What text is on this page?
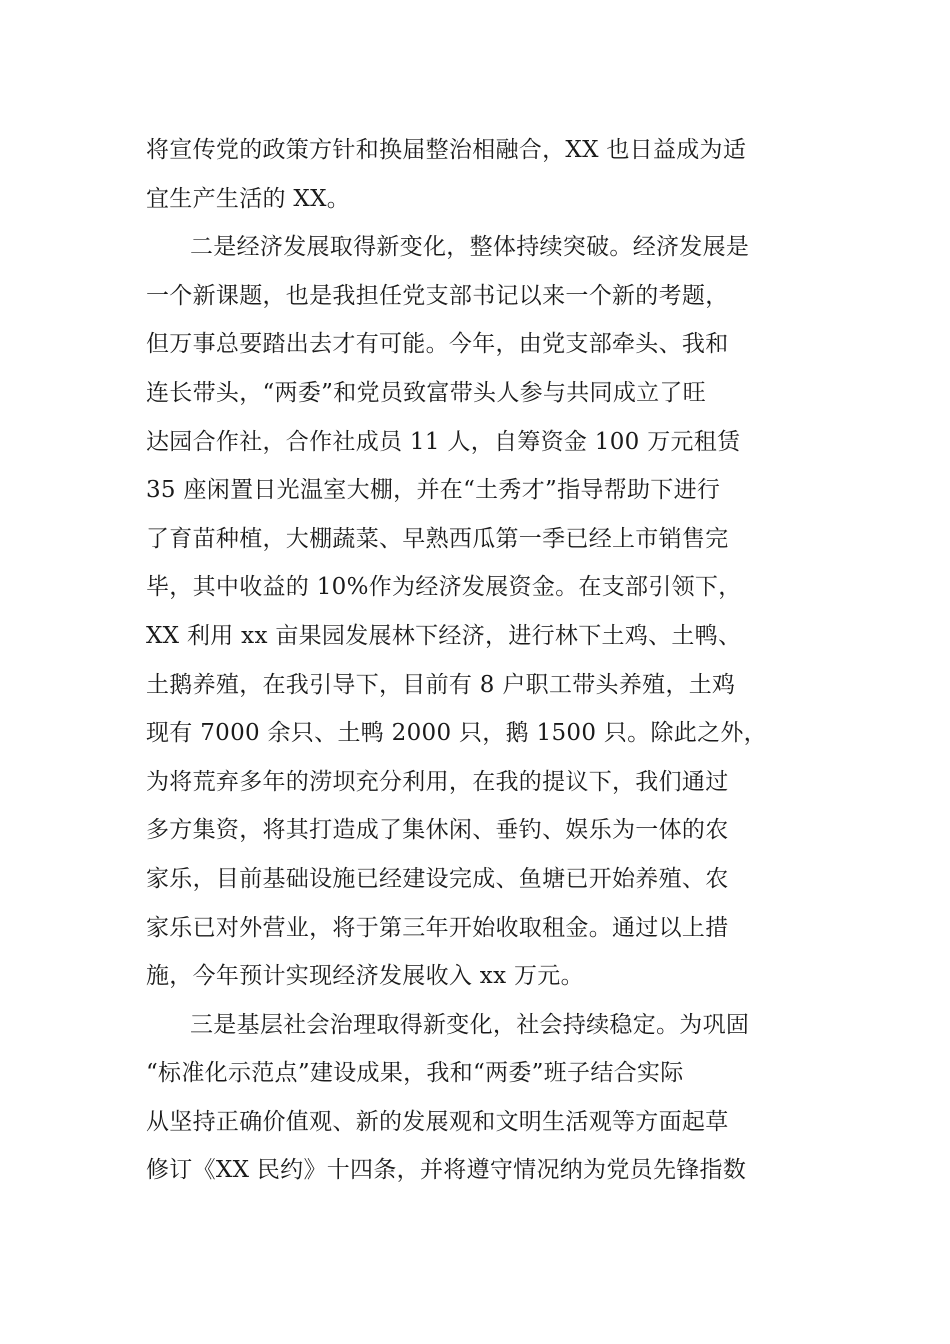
将宣传党的政策方针和换届整治相融合，XX 也日益成为适
宜生产生活的 XX。
二是经济发展取得新变化，整体持续突破。经济发展是
一个新课题，也是我担任党支部书记以来一个新的考题，
但万事总要踏出去才有可能。今年，由党支部牵头、我和
连长带头，“两委”和党员致富带头人参与共同成立了旺
达园合作社，合作社成员 11 人，自筹资金 100 万元租赁
35 座闲置日光温室大棚，并在“土秀才”指导帮助下进行
了育苗种植，大棚蔬菜、早熟西瓜第一季已经上市销售完
毕，其中收益的 10%作为经济发展资金。在支部引领下，
XX 利用 xx 亩果园发展林下经济，进行林下土鸡、土鸭、
土鹅养殖，在我引导下，目前有 8 户职工带头养殖，土鸡
现有 7000 余只、土鸭 2000 只，鹅 1500 只。除此之外，
为将荒弃多年的涝坝充分利用，在我的提议下，我们通过
多方集资，将其打造成了集休闲、垂钓、娱乐为一体的农
家乐，目前基础设施已经建设完成、鱼塘已开始养殖、农
家乐已对外营业，将于第三年开始收取租金。通过以上措
施，今年预计实现经济发展收入 xx 万元。
三是基层社会治理取得新变化，社会持续稳定。为巩固
“标准化示范点”建设成果，我和“两委”班子结合实际
从坚持正确价值观、新的发展观和文明生活观等方面起草
修订《XX 民约》十四条，并将遵守情况纳为党员先锋指数
